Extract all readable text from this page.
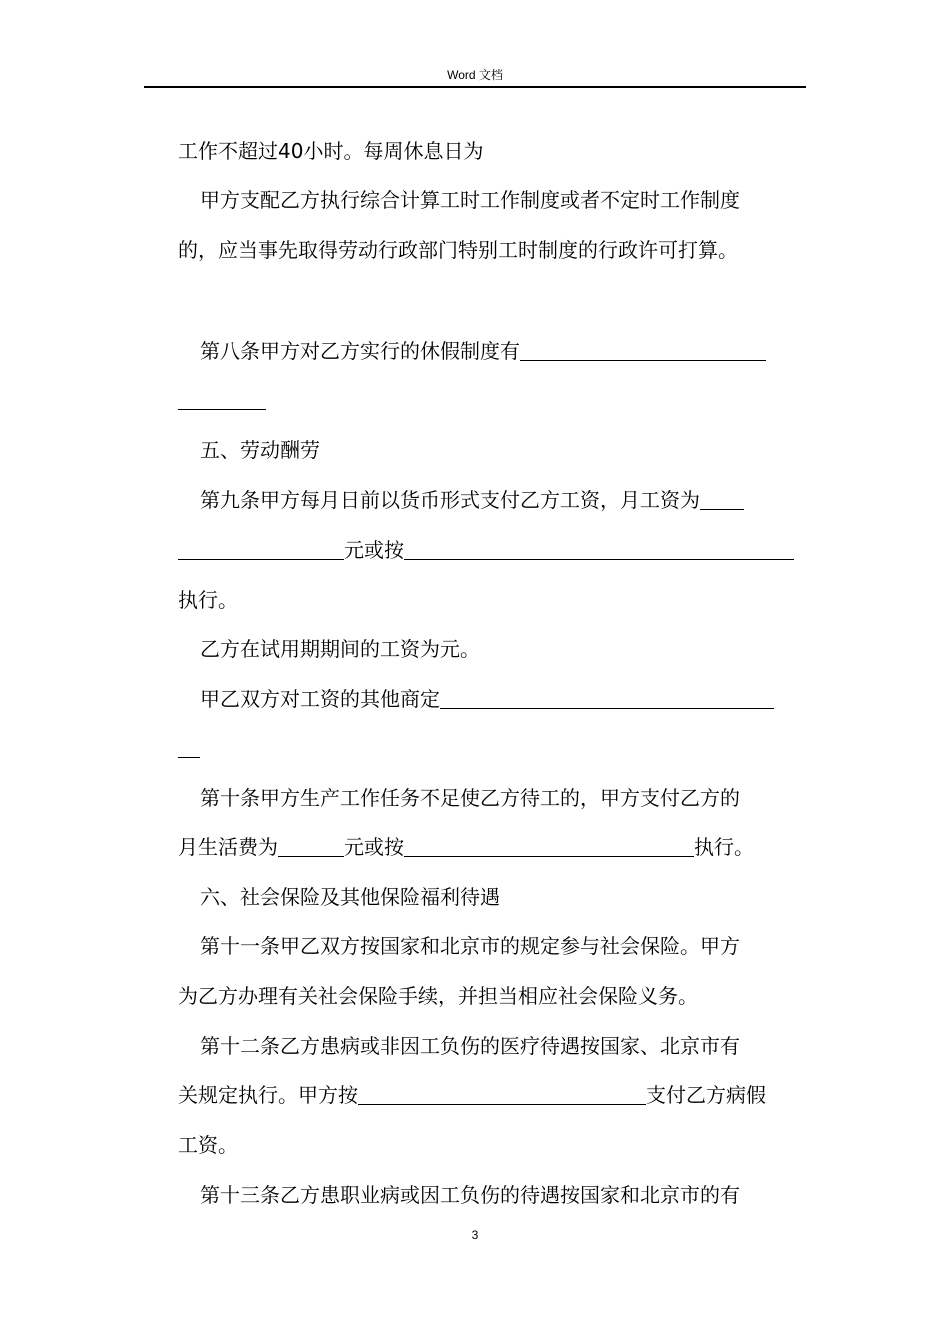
Word 文档
工作不超过40小时。每周休息日为
甲方支配乙方执行综合计算工时工作制度或者不定时工作制度
的，应当事先取得劳动行政部门特别工时制度的行政许可打算。
第八条甲方对乙方实行的休假制度有
五、劳动酬劳
第九条甲方每月日前以货币形式支付乙方工资，月工资为
元或按
执行。
乙方在试用期期间的工资为元。
甲乙双方对工资的其他商定
第十条甲方生产工作任务不足使乙方待工的，甲方支付乙方的
月生活费为	元或按	执行。
六、社会保险及其他保险福利待遇
第十一条甲乙双方按国家和北京市的规定参与社会保险。甲方
为乙方办理有关社会保险手续，并担当相应社会保险义务。
第十二条乙方患病或非因工负伤的医疗待遇按国家、北京市有
关规定执行。甲方按	支付乙方病假
工资。
第十三条乙方患职业病或因工负伤的待遇按国家和北京市的有
3
